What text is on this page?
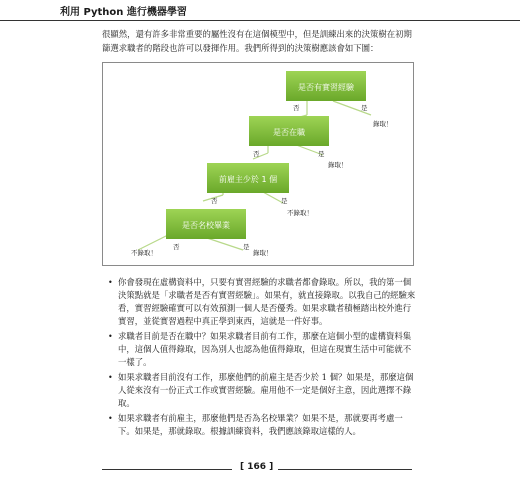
利用 Python 進行機器學習

很顯然，還有許多非常重要的屬性沒有在這個模型中，但是訓練出來的決策樹在初期篩選求職者的階段也許可以發揮作用。我們所得到的決策樹應該會如下圖：

是否有實習經驗
否	是
錄取！
是否在職
否	是
錄取！
前雇主少於 1 個
否	是
不錄取！
是否名校畢業
否	是
不錄取！	錄取！
• 你會發現在虛構資料中，只要有實習經驗的求職者都會錄取。所以，我的第一個決策點就是「求職者是否有實習經驗」。如果有，就直接錄取。以我自己的經驗來看，實習經驗確實可以有效預測一個人是否優秀。如果求職者積極踏出校外進行實習，並從實習過程中真正學到東西，這就是一件好事。
• 求職者目前是否在職中？如果求職者目前有工作，那麼在這個小型的虛構資料集中，這個人值得錄取，因為別人也認為他值得錄取，但這在現實生活中可能就不一樣了。
• 如果求職者目前沒有工作，那麼他們的前雇主是否少於 1 個？如果是，那麼這個人從來沒有一份正式工作或實習經驗。雇用他不一定是個好主意，因此選擇不錄取。
• 如果求職者有前雇主，那麼他們是否為名校畢業？如果不是，那就要再考慮一下。如果是，那就錄取。根據訓練資料，我們應該錄取這樣的人。
[ 166 ]
